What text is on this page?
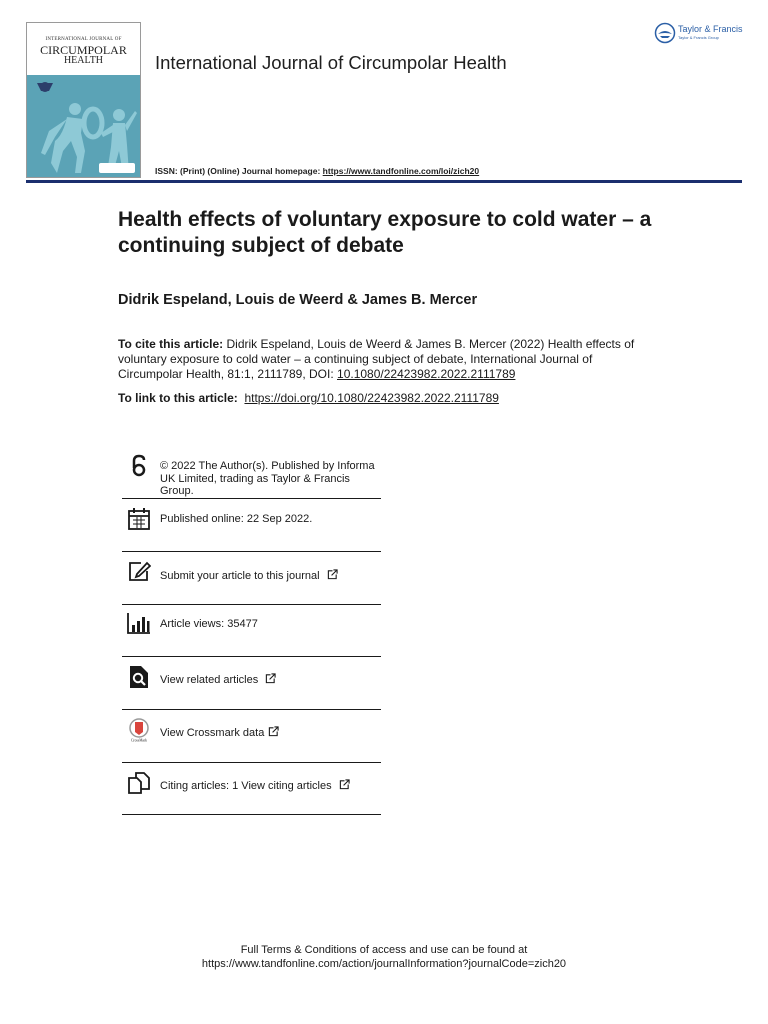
INTERNATIONAL JOURNAL OF
CIRCUMPOLAR
HEALTH
Taylor & Francis
Taylor & Francis Group
International Journal of Circumpolar Health
ISSN: (Print) (Online) Journal homepage: https://www.tandfonline.com/loi/zich20
Health effects of voluntary exposure to cold water – a continuing subject of debate
Didrik Espeland, Louis de Weerd & James B. Mercer
To cite this article: Didrik Espeland, Louis de Weerd & James B. Mercer (2022) Health effects of voluntary exposure to cold water – a continuing subject of debate, International Journal of Circumpolar Health, 81:1, 2111789, DOI: 10.1080/22423982.2022.2111789
To link to this article: https://doi.org/10.1080/22423982.2022.2111789
© 2022 The Author(s). Published by Informa UK Limited, trading as Taylor & Francis Group.
Published online: 22 Sep 2022.
Submit your article to this journal
Article views: 35477
View related articles
CrossMark
View Crossmark data
Citing articles: 1 View citing articles
Full Terms & Conditions of access and use can be found at
https://www.tandfonline.com/action/journalInformation?journalCode=zich20
